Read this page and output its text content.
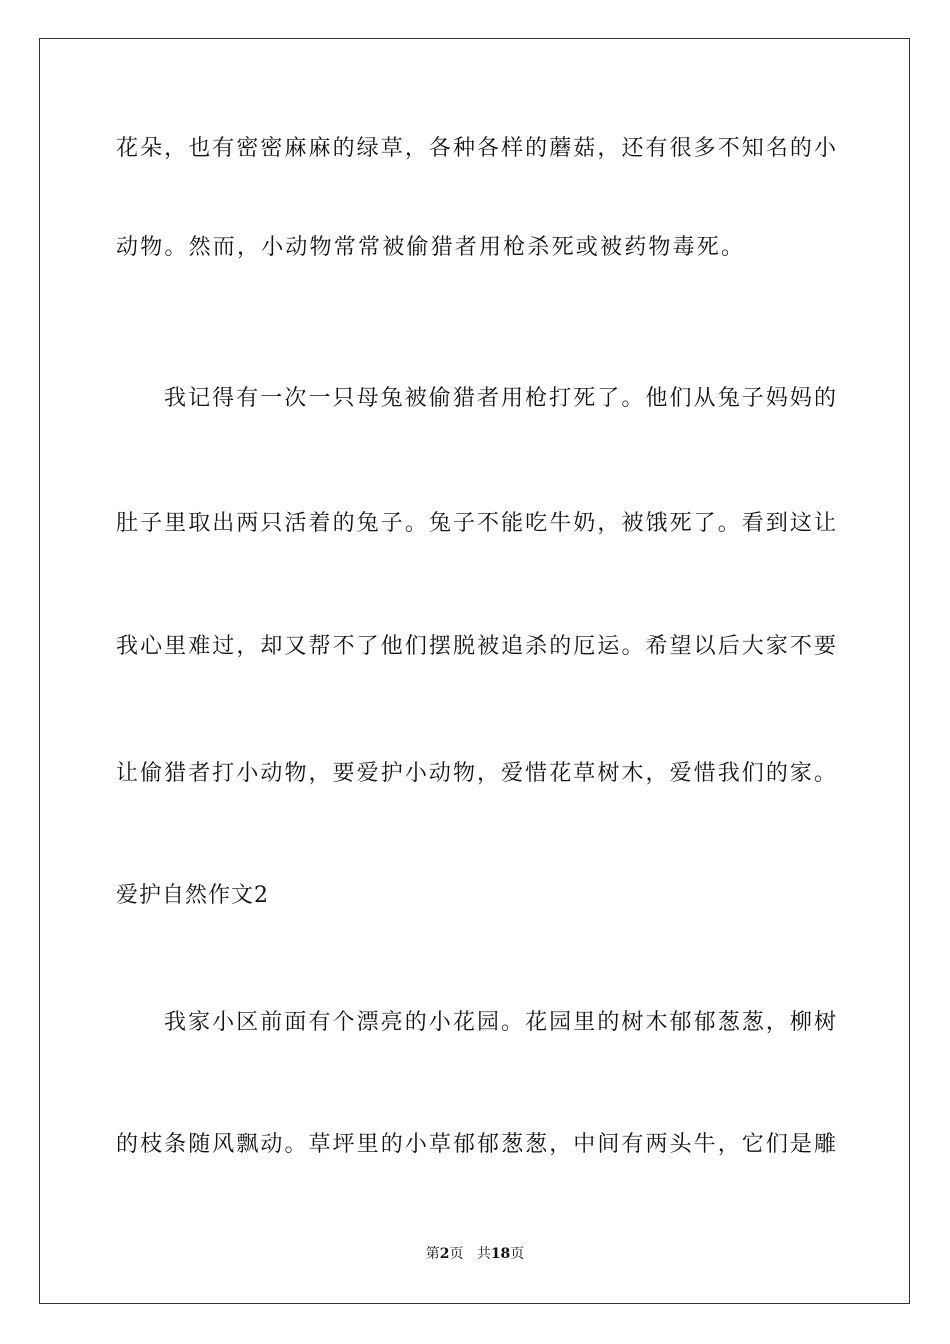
花朵，也有密密麻麻的绿草，各种各样的蘑菇，还有很多不知名的小
动物。然而，小动物常常被偷猎者用枪杀死或被药物毒死。
我记得有一次一只母兔被偷猎者用枪打死了。他们从兔子妈妈的
肚子里取出两只活着的兔子。兔子不能吃牛奶，被饿死了。看到这让
我心里难过，却又帮不了他们摆脱被追杀的厄运。希望以后大家不要
让偷猎者打小动物，要爱护小动物，爱惜花草树木，爱惜我们的家。
爱护自然作文2
我家小区前面有个漂亮的小花园。花园里的树木郁郁葱葱，柳树
的枝条随风飘动。草坪里的小草郁郁葱葱，中间有两头牛，它们是雕
第2页 共18页
